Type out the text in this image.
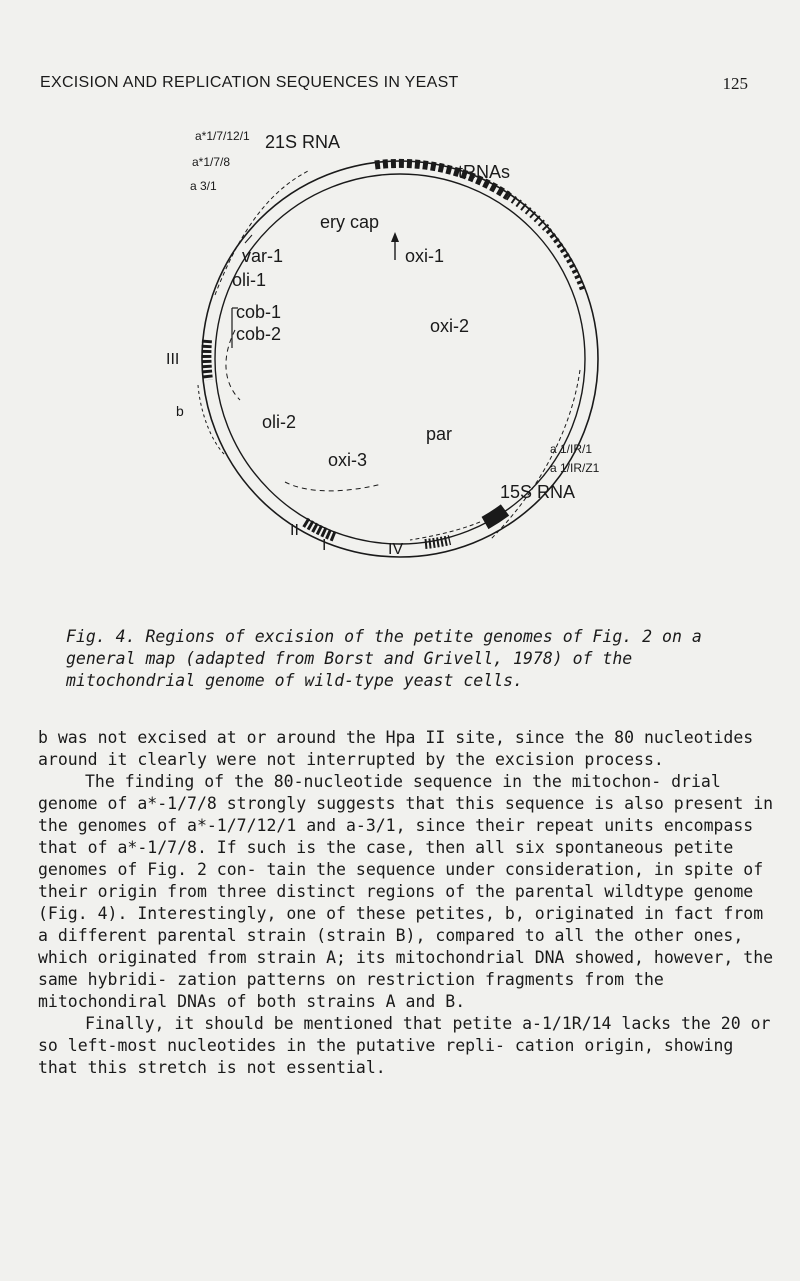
EXCISION AND REPLICATION SEQUENCES IN YEAST	125
a*1/7/12/1 21S RNA
a*1/7/8	tRNAs
a 3/1
ery cap
var-1	oxi-1
oli-1
cob-1
oxi-2
cob-2
III
oli-2
par
b
oxi-3
a 1/IR/1
a 1/IR/Z1
15S RNA
II
I	IV

Fig. 4. Regions of excision of the petite genomes of Fig. 2 on a general map (adapted from Borst and Grivell, 1978) of the mitochondrial genome of wild-type yeast cells.

b was not excised at or around the Hpa II site, since the 80 nucleotides around it clearly were not interrupted by the excision process.

The finding of the 80-nucleotide sequence in the mitochon- drial genome of a*-1/7/8 strongly suggests that this sequence is also present in the genomes of a*-1/7/12/1 and a-3/1, since their repeat units encompass that of a*-1/7/8. If such is the case, then all six spontaneous petite genomes of Fig. 2 con- tain the sequence under consideration, in spite of their origin from three distinct regions of the parental wildtype genome (Fig. 4). Interestingly, one of these petites, b, originated in fact from a different parental strain (strain B), compared to all the other ones, which originated from strain A; its mitochondrial DNA showed, however, the same hybridi- zation patterns on restriction fragments from the mitochondiral DNAs of both strains A and B.

Finally, it should be mentioned that petite a-1/1R/14 lacks the 20 or so left-most nucleotides in the putative repli- cation origin, showing that this stretch is not essential.
